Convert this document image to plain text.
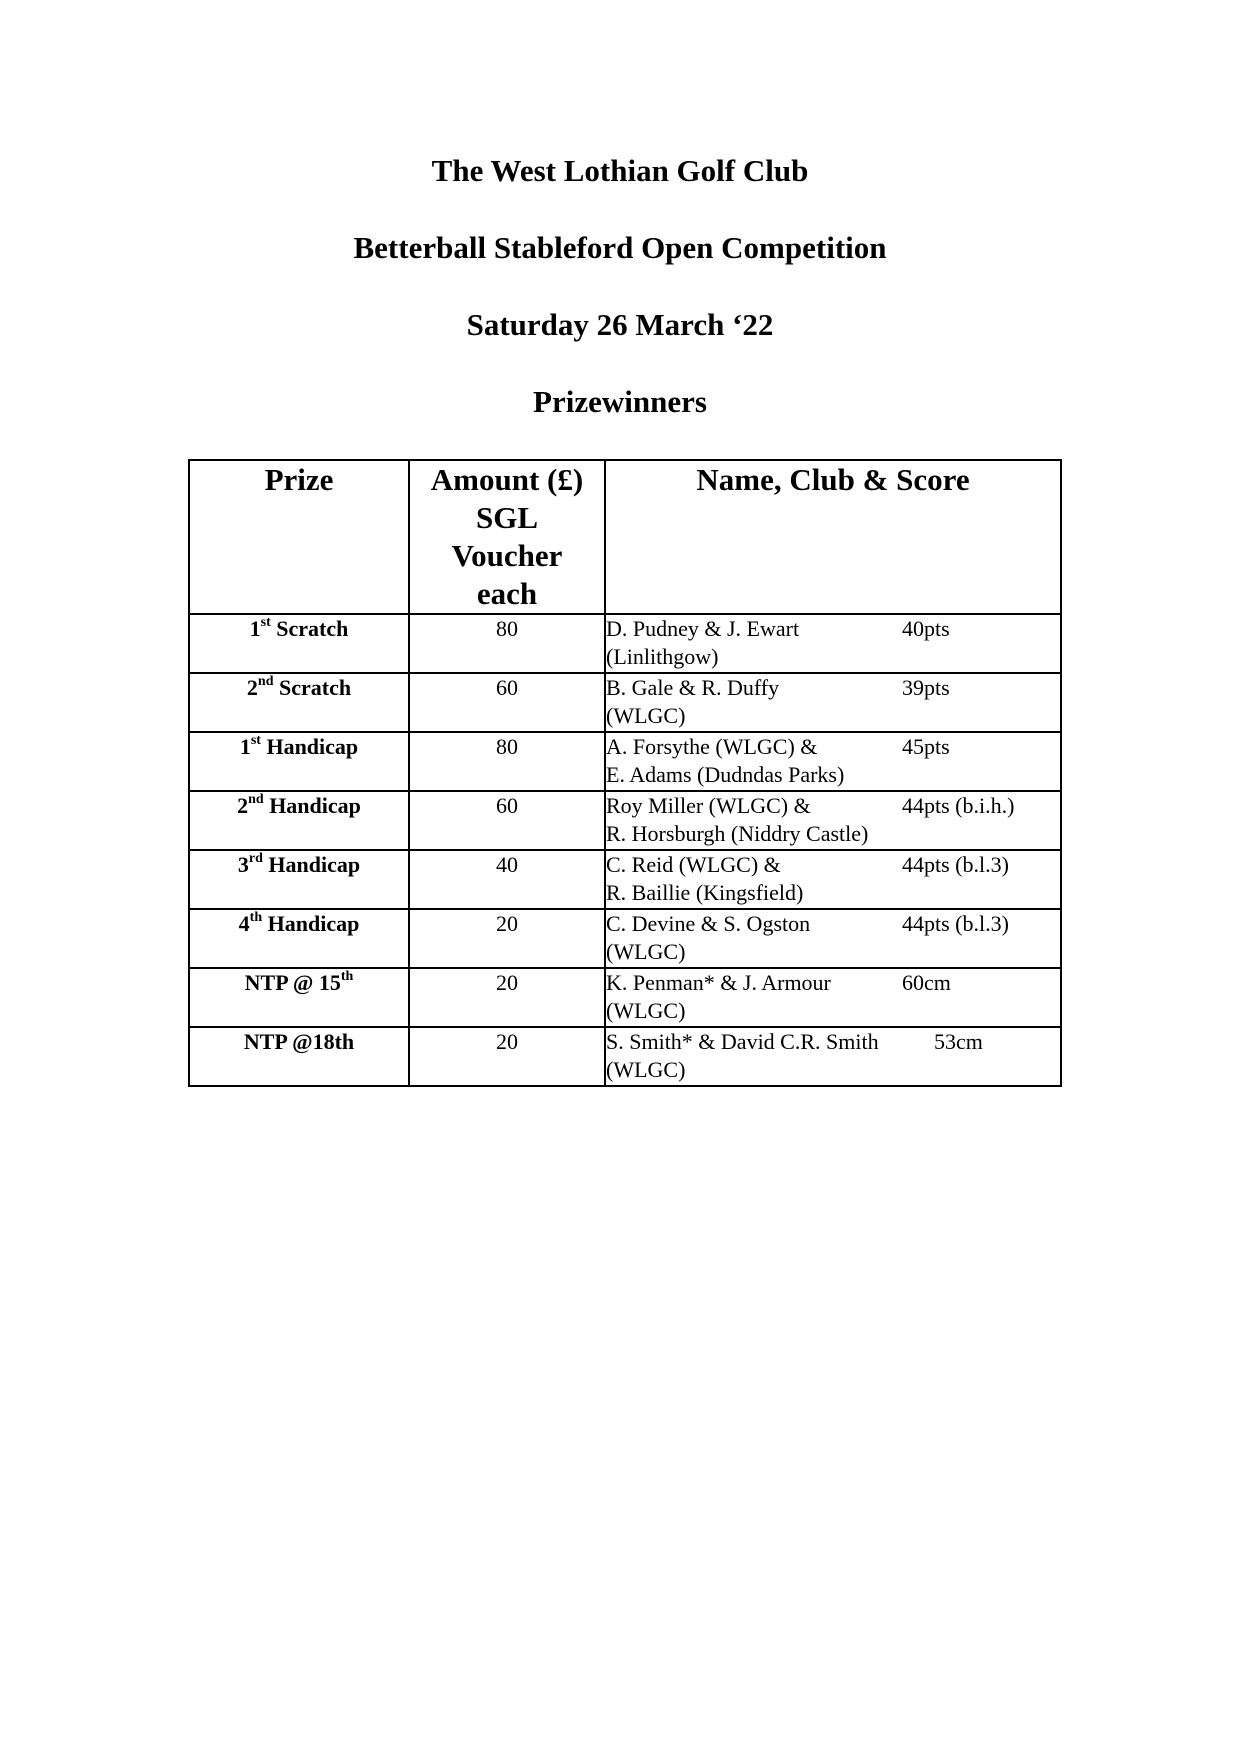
The West Lothian Golf Club
Betterball Stableford Open Competition
Saturday 26 March ‘22
Prizewinners
Prize	Amount (£)
SGL
Voucher
each	Name, Club & Score
1st Scratch	80	D. Pudney & J. Ewart 40pts
(Linlithgow)

2nd Scratch	60	B. Gale & R. Duffy 39pts
(WLGC)

1st Handicap	80	A. Forsythe (WLGC) & 45pts
E. Adams (Dudndas Parks)

2nd Handicap	60	Roy Miller (WLGC) & 44pts (b.i.h.)
R. Horsburgh (Niddry Castle)

3rd Handicap	40	C. Reid (WLGC) & 44pts (b.l.3)
R. Baillie (Kingsfield)

4th Handicap	20	C. Devine & S. Ogston 44pts (b.l.3)
(WLGC)

NTP @ 15th	20	K. Penman* & J. Armour 60cm
(WLGC)

NTP @18th	20	S. Smith* & David C.R. Smith 53cm
(WLGC)
